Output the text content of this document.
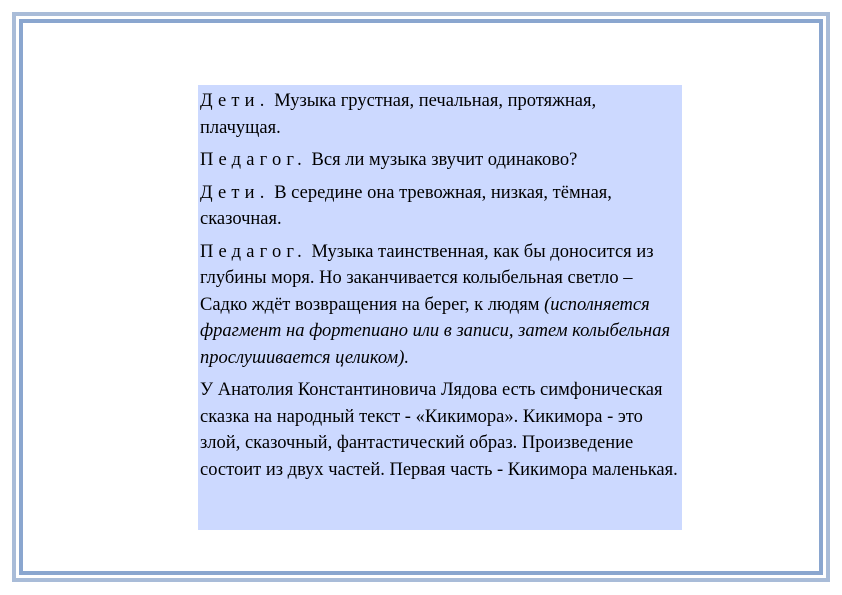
Дети. Музыка грустная, печальная, протяжная, плачущая.

Педагог. Вся ли музыка звучит одинаково?

Дети. В середине она тревожная, низкая, тёмная, сказочная.

Педагог. Музыка таинственная, как бы доносится из глубины моря. Но заканчивается колыбельная светло – Садко ждёт возвращения на берег, к людям (исполняется фрагмент на фортепиано или в записи, затем колыбельная прослушивается целиком).

У Анатолия Константиновича Лядова есть симфоническая сказка на народный текст - «Кикимора». Кикимора - это злой, сказочный, фантастический образ. Произведение состоит из двух частей. Первая часть - Кикимора маленькая.
